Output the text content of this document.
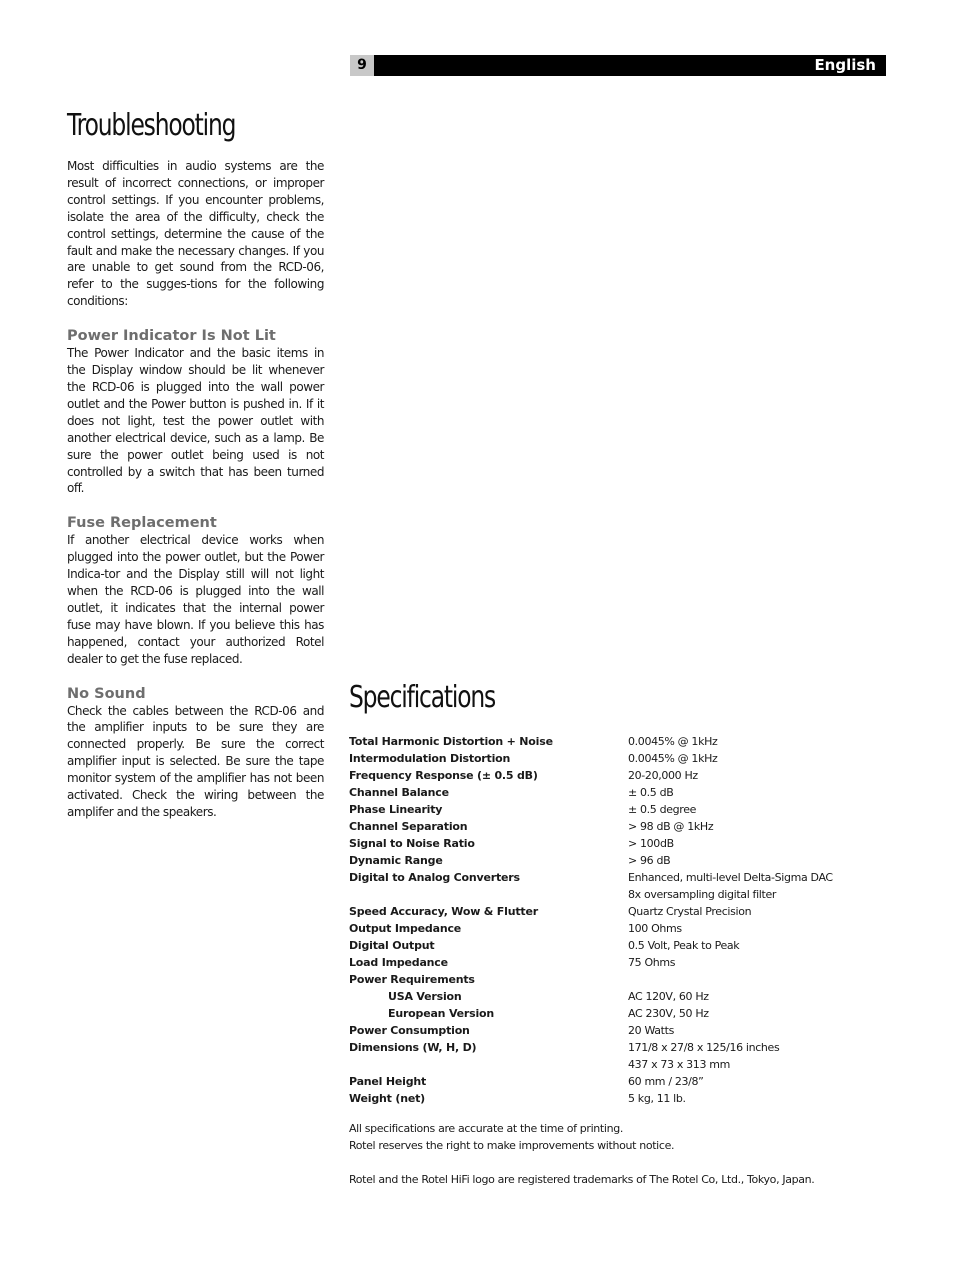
9	English
Troubleshooting

Most difficulties in audio systems are the result of incorrect connections, or improper control settings. If you encounter problems, isolate the area of the difficulty, check the control settings, determine the cause of the fault and make the necessary changes. If you are unable to get sound from the RCD-06, refer to the sugges-tions for the following conditions:

Power Indicator Is Not Lit

The Power Indicator and the basic items in the Display window should be lit whenever the RCD-06 is plugged into the wall power outlet and the Power button is pushed in. If it does not light, test the power outlet with another electrical device, such as a lamp. Be sure the power outlet being used is not controlled by a switch that has been turned off.

Fuse Replacement

If another electrical device works when plugged into the power outlet, but the Power Indica-tor and the Display still will not light when the RCD-06 is plugged into the wall outlet, it indicates that the internal power fuse may have blown. If you believe this has happened, contact your authorized Rotel dealer to get the fuse replaced.

No Sound

Check the cables between the RCD-06 and the amplifier inputs to be sure they are connected properly. Be sure the correct amplifier input is selected. Be sure the tape monitor system of the amplifier has not been activated. Check the wiring between the amplifer and the speakers.

Specifications
Total Harmonic Distortion + Noise	0.0045% @ 1kHz
Intermodulation Distortion	0.0045% @ 1kHz
Frequency Response (± 0.5 dB)	20-20,000 Hz
Channel Balance	± 0.5 dB
Phase Linearity	± 0.5 degree
Channel Separation	> 98 dB @ 1kHz
Signal to Noise Ratio	> 100dB
Dynamic Range	> 96 dB
Digital to Analog Converters	Enhanced, multi-level Delta-Sigma DAC
	8x oversampling digital filter
Speed Accuracy, Wow & Flutter	Quartz Crystal Precision
Output Impedance	100 Ohms
Digital Output	0.5 Volt, Peak to Peak
Load Impedance	75 Ohms
Power Requirements	
USA Version	AC 120V, 60 Hz
European Version	AC 230V, 50 Hz
Power Consumption	20 Watts
Dimensions (W, H, D)	171/8 x 27/8 x 125/16 inches
	437 x 73 x 313 mm
Panel Height	60 mm / 23/8”
Weight (net)	5 kg, 11 lb.

All specifications are accurate at the time of printing.

Rotel reserves the right to make improvements without notice.

Rotel and the Rotel HiFi logo are registered trademarks of The Rotel Co, Ltd., Tokyo, Japan.
